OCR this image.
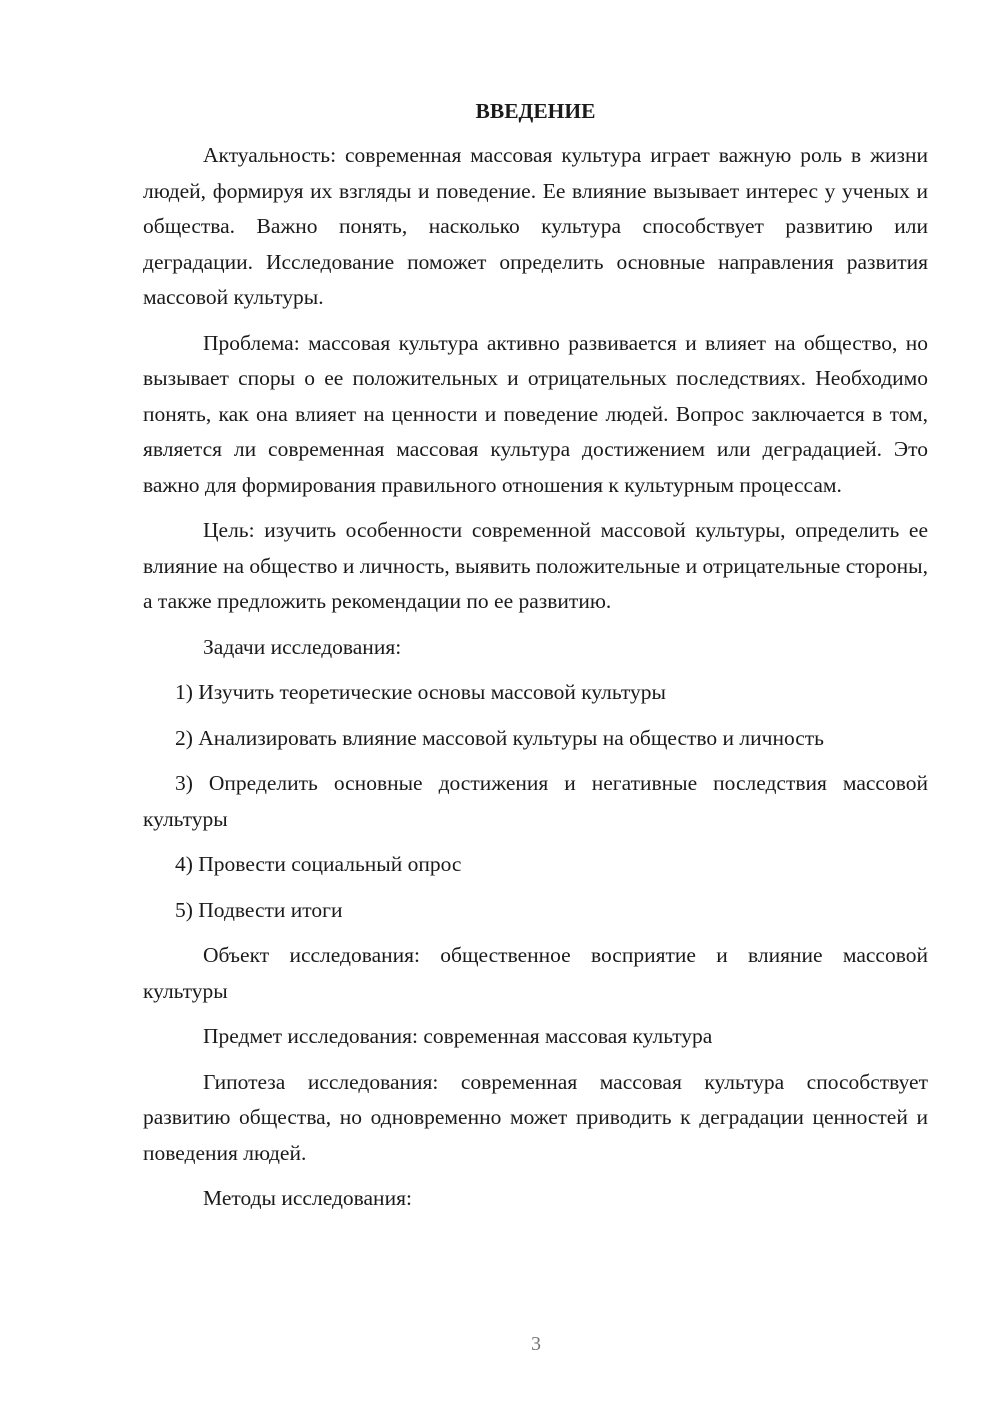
ВВЕДЕНИЕ

Актуальность: современная массовая культура играет важную роль в жизни людей, формируя их взгляды и поведение. Ее влияние вызывает интерес у ученых и общества. Важно понять, насколько культура способствует развитию или деградации. Исследование поможет определить основные направления развития массовой культуры.

Проблема: массовая культура активно развивается и влияет на общество, но вызывает споры о ее положительных и отрицательных последствиях. Необходимо понять, как она влияет на ценности и поведение людей. Вопрос заключается в том, является ли современная массовая культура достижением или деградацией. Это важно для формирования правильного отношения к культурным процессам.

Цель: изучить особенности современной массовой культуры, определить ее влияние на общество и личность, выявить положительные и отрицательные стороны, а также предложить рекомендации по ее развитию.

Задачи исследования:

1) Изучить теоретические основы массовой культуры

2) Анализировать влияние массовой культуры на общество и личность

3) Определить основные достижения и негативные последствия массовой культуры

4) Провести социальный опрос

5) Подвести итоги

Объект исследования: общественное восприятие и влияние массовой культуры

Предмет исследования: современная массовая культура

Гипотеза исследования: современная массовая культура способствует развитию общества, но одновременно может приводить к деградации ценностей и поведения людей.

Методы исследования:

3
